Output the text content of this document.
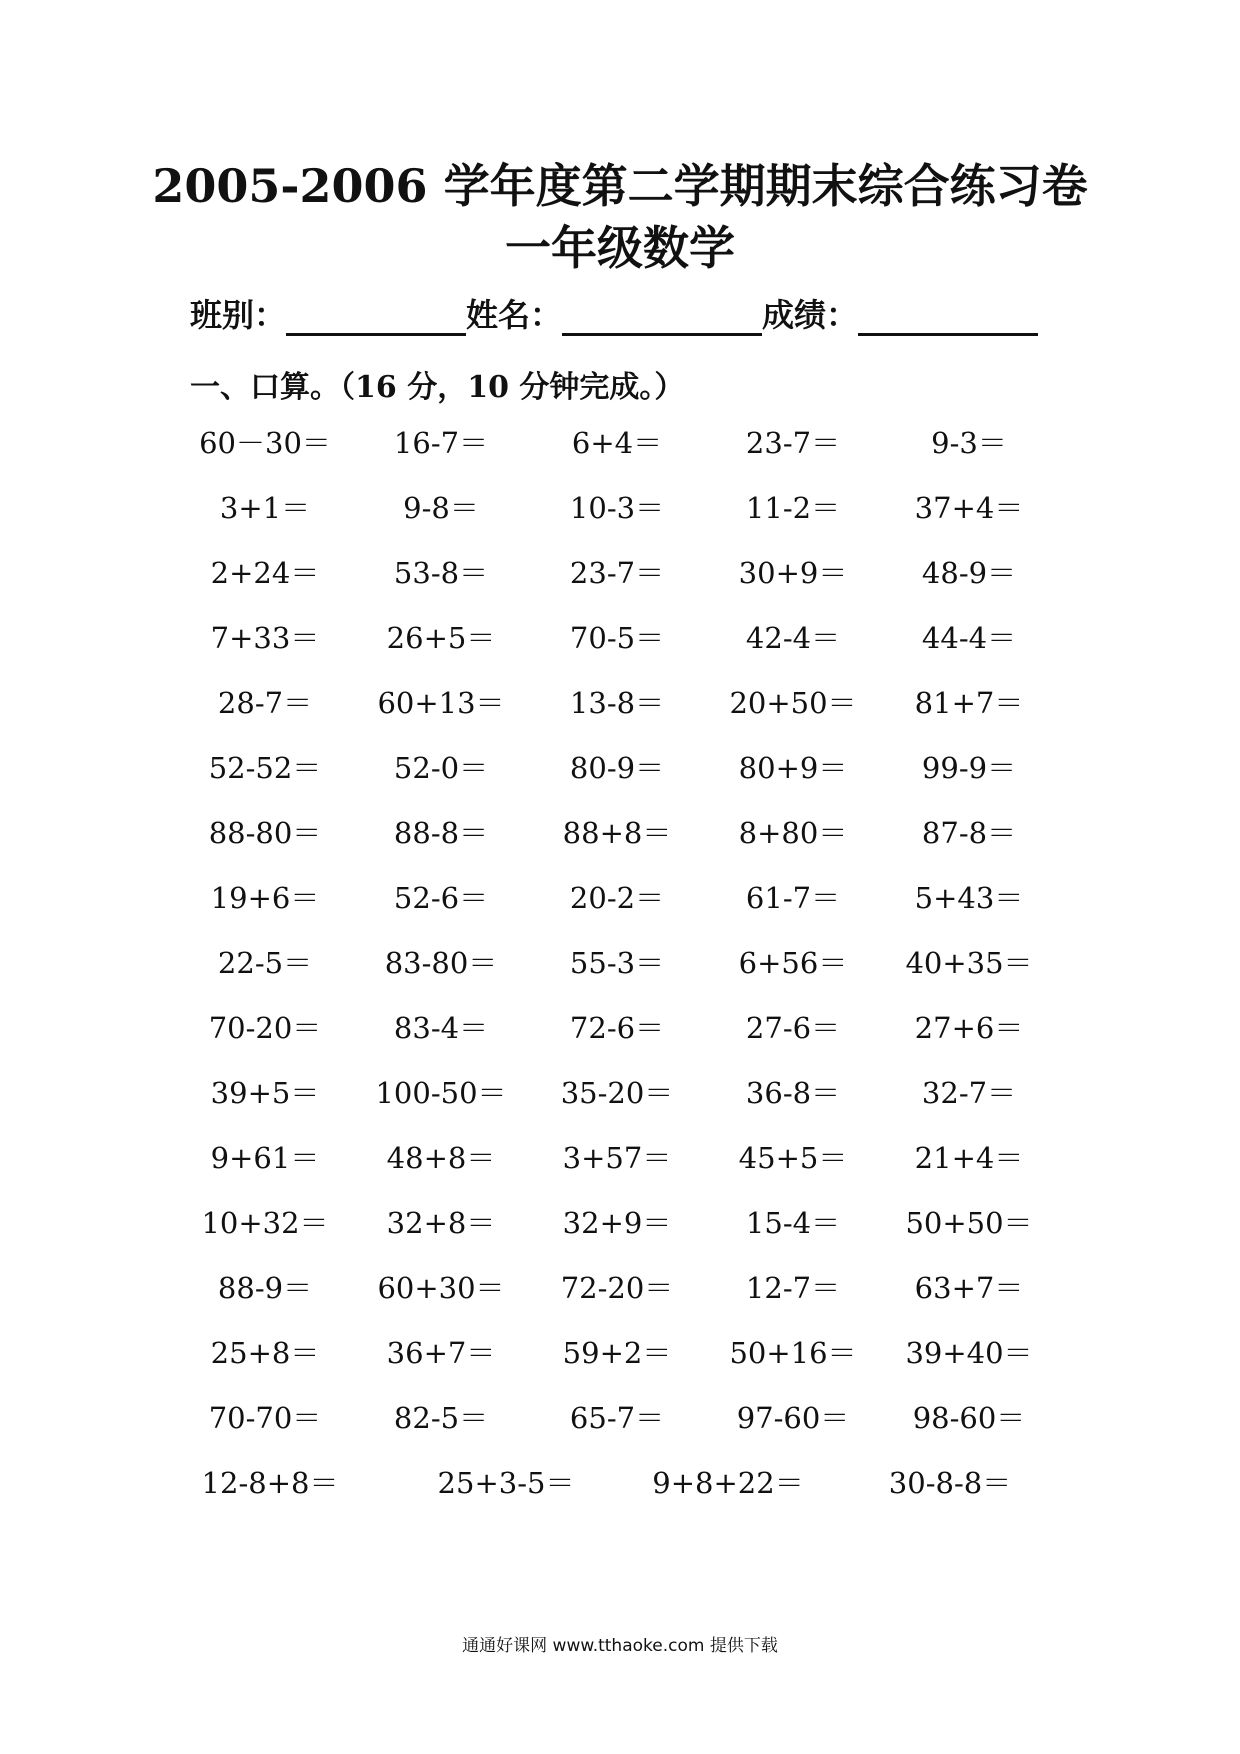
2005-2006 学年度第二学期期末综合练习卷
一年级数学
班别：	姓名：	成绩：
一、口算。（16 分，10 分钟完成。）
60－30＝	16-7＝	6+4＝	23-7＝	9-3＝
3+1＝	9-8＝	10-3＝	11-2＝	37+4＝
2+24＝	53-8＝	23-7＝	30+9＝	48-9＝
7+33＝	26+5＝	70-5＝	42-4＝	44-4＝
28-7＝	60+13＝	13-8＝	20+50＝	81+7＝
52-52＝	52-0＝	80-9＝	80+9＝	99-9＝
88-80＝	88-8＝	88+8＝	8+80＝	87-8＝
19+6＝	52-6＝	20-2＝	61-7＝	5+43＝
22-5＝	83-80＝	55-3＝	6+56＝	40+35＝
70-20＝	83-4＝	72-6＝	27-6＝	27+6＝
39+5＝	100-50＝	35-20＝	36-8＝	32-7＝
9+61＝	48+8＝	3+57＝	45+5＝	21+4＝
10+32＝	32+8＝	32+9＝	15-4＝	50+50＝
88-9＝	60+30＝	72-20＝	12-7＝	63+7＝
25+8＝	36+7＝	59+2＝	50+16＝	39+40＝
70-70＝	82-5＝	65-7＝	97-60＝	98-60＝
12-8+8＝	25+3-5＝	9+8+22＝	30-8-8＝
通通好课网 www.tthaoke.com 提供下载
